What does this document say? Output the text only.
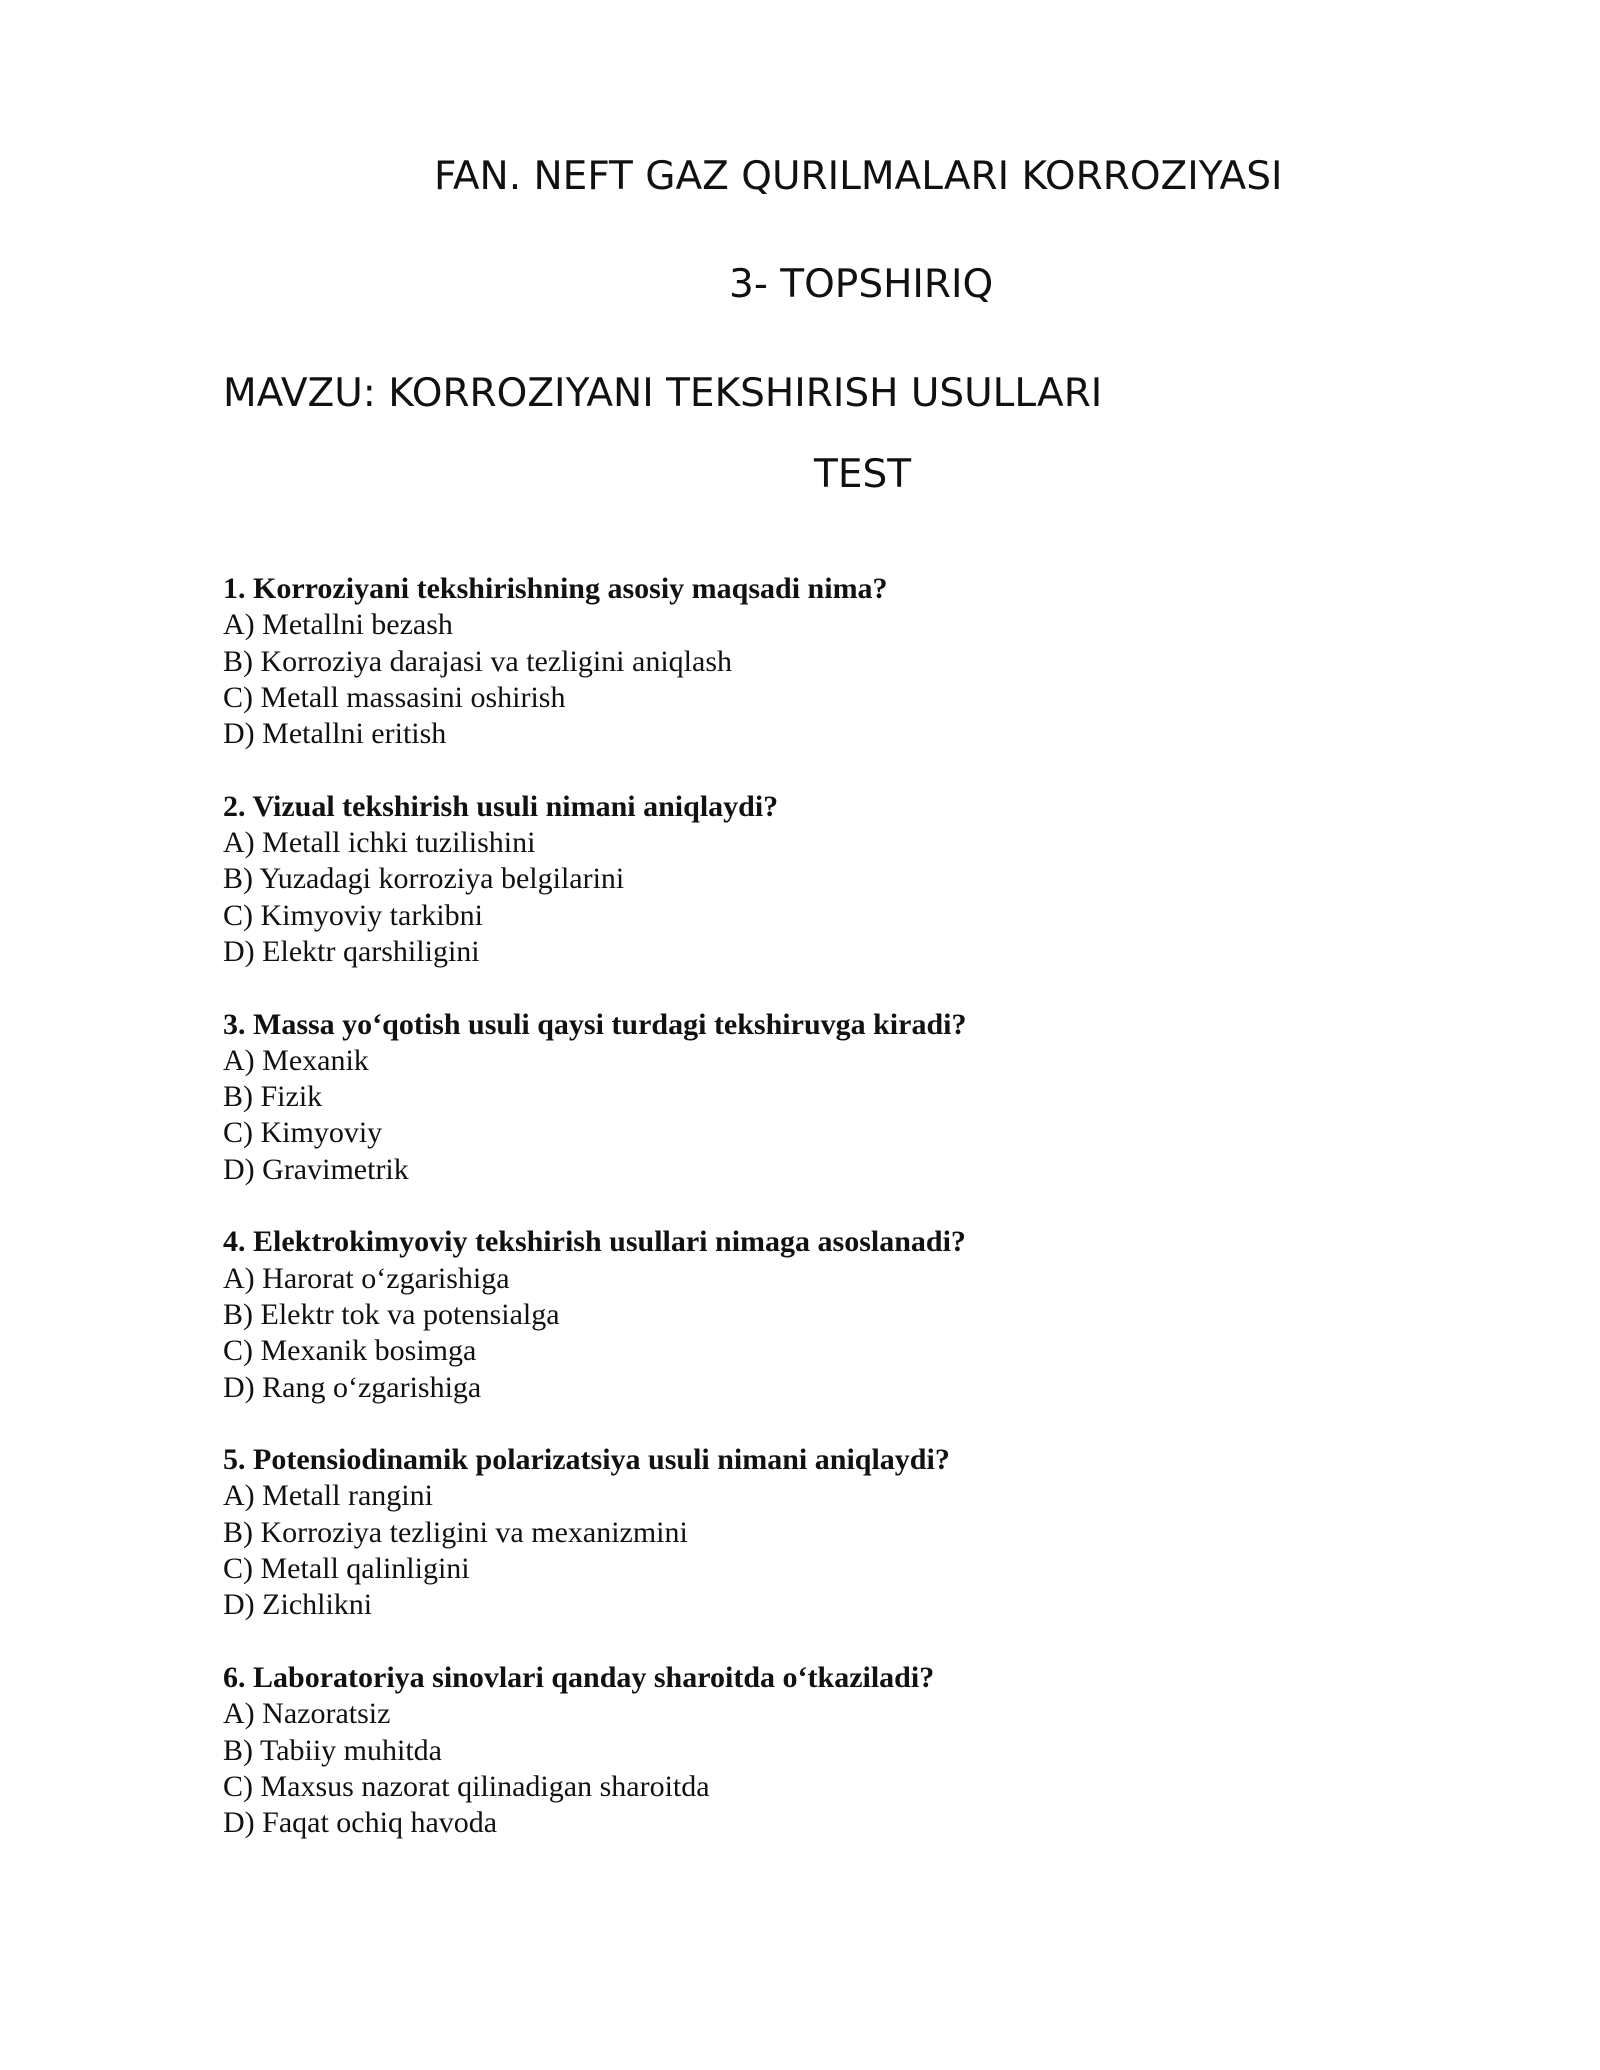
FAN. NEFT GAZ QURILMALARI KORROZIYASI
3- TOPSHIRIQ
MAVZU: KORROZIYANI TEKSHIRISH USULLARI
TEST
1. Korroziyani tekshirishning asosiy maqsadi nima?
A) Metallni bezash
B) Korroziya darajasi va tezligini aniqlash
C) Metall massasini oshirish
D) Metallni eritish
2. Vizual tekshirish usuli nimani aniqlaydi?
A) Metall ichki tuzilishini
B) Yuzadagi korroziya belgilarini
C) Kimyoviy tarkibni
D) Elektr qarshiligini
3. Massa yo‘qotish usuli qaysi turdagi tekshiruvga kiradi?
A) Mexanik
B) Fizik
C) Kimyoviy
D) Gravimetrik
4. Elektrokimyoviy tekshirish usullari nimaga asoslanadi?
A) Harorat o‘zgarishiga
B) Elektr tok va potensialga
C) Mexanik bosimga
D) Rang o‘zgarishiga
5. Potensiodinamik polarizatsiya usuli nimani aniqlaydi?
A) Metall rangini
B) Korroziya tezligini va mexanizmini
C) Metall qalinligini
D) Zichlikni
6. Laboratoriya sinovlari qanday sharoitda o‘tkaziladi?
A) Nazoratsiz
B) Tabiiy muhitda
C) Maxsus nazorat qilinadigan sharoitda
D) Faqat ochiq havoda
